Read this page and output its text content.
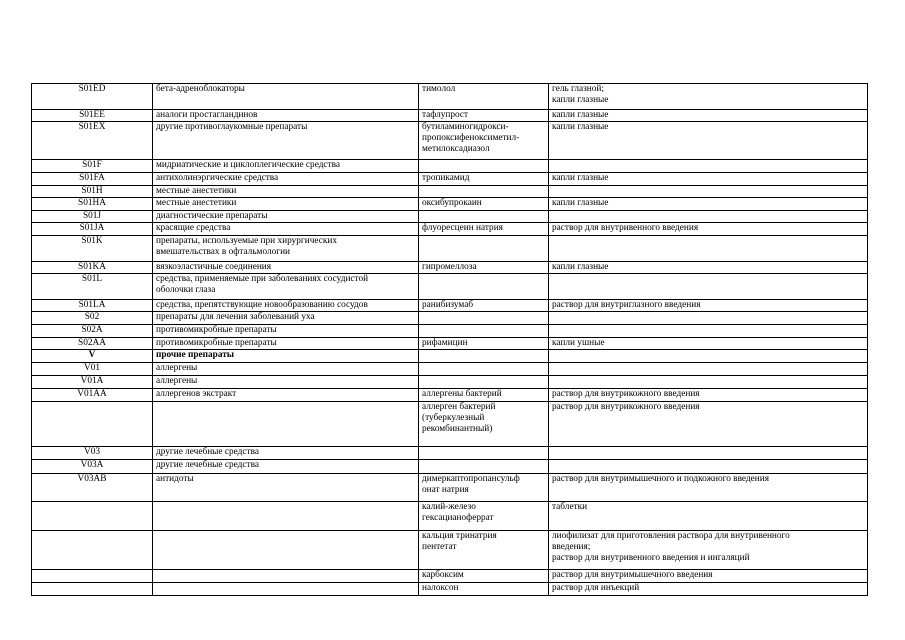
S01ED	бета-адреноблокаторы	тимолол	гель глазной;
капли глазные

S01EE	аналоги простагландинов	тафлупрост	капли глазные

S01EX	другие противоглаукомные препараты	бутиламиногидрокси-
пропоксифеноксиметил-
метилоксадиазол	капли глазные

S01F	мидриатические и циклоплегические средства		

S01FA	антихолинэргические средства	тропикамид	капли глазные

S01H	местные анестетики		

S01HA	местные анестетики	оксибупрокаин	капли глазные

S01J	диагностические препараты		

S01JA	красящие средства	флуоресцеин натрия	раствор для внутривенного введения

S01K	препараты, используемые при хирургических
вмешательствах в офтальмологии		

S01KA	вязкоэластичные соединения	гипромеллоза	капли глазные

S01L	средства, применяемые при заболеваниях сосудистой
оболочки глаза		

S01LA	средства, препятствующие новообразованию сосудов	ранибизумаб	раствор для внутриглазного введения

S02	препараты для лечения заболеваний уха		

S02A	противомикробные препараты		

S02AA	противомикробные препараты	рифамицин	капли ушные

V	прочие препараты		

V01	аллергены		

V01A	аллергены		

V01AA	аллергенов экстракт	аллергены бактерий	раствор для внутрикожного введения

		аллерген бактерий
(туберкулезный
рекомбинантный)	раствор для внутрикожного введения

V03	другие лечебные средства		

V03A	другие лечебные средства		

V03AB	антидоты	димеркаптопропансульф
онат натрия	раствор для внутримышечного и подкожного введения

		калий-железо
гексацианоферрат	таблетки

		кальция тринатрия
пентетат	лиофилизат для приготовления раствора для внутривенного
введения;
раствор для внутривенного введения и ингаляций

		карбоксим	раствор для внутримышечного введения

		налоксон	раствор для инъекций
